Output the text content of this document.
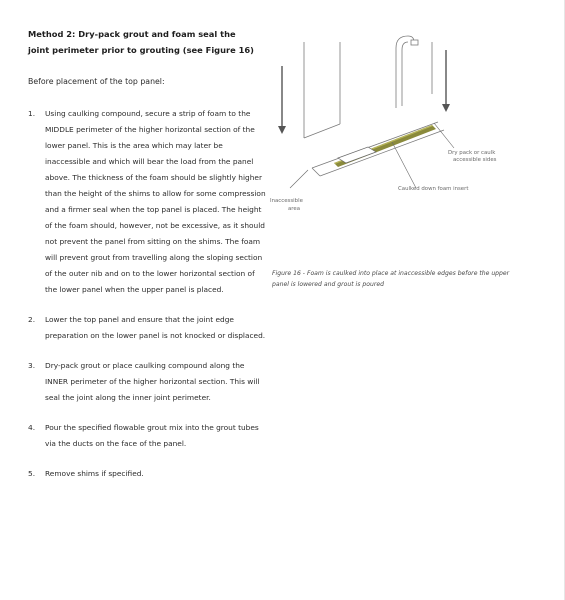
Method 2: Dry-pack grout and foam seal the joint perimeter prior to grouting (see Figure 16)

Before placement of the top panel:

1.	Using caulking compound, secure a strip of foam to the MIDDLE perimeter of the higher horizontal section of the lower panel. This is the area which may later be inaccessible and which will bear the load from the panel above. The thickness of the foam should be slightly higher than the height of the shims to allow for some compression and a firmer seal when the top panel is placed. The height of the foam should, however, not be excessive, as it should not prevent the panel from sitting on the shims. The foam will prevent grout from travelling along the sloping section of the outer nib and on to the lower horizontal section of the lower panel when the upper panel is placed.
2.	Lower the top panel and ensure that the joint edge preparation on the lower panel is not knocked or displaced.
3.	Dry-pack grout or place caulking compound along the INNER perimeter of the higher horizontal section. This will seal the joint along the inner joint perimeter.
4.	Pour the specified flowable grout mix into the grout tubes via the ducts on the face of the panel.
5.	Remove shims if specified.
Dry pack or caulk
accessible sides
Caulked down foam insert
Inaccessible
area

Figure 16 - Foam is caulked into place at inaccessible edges before the upper panel is lowered and grout is poured
